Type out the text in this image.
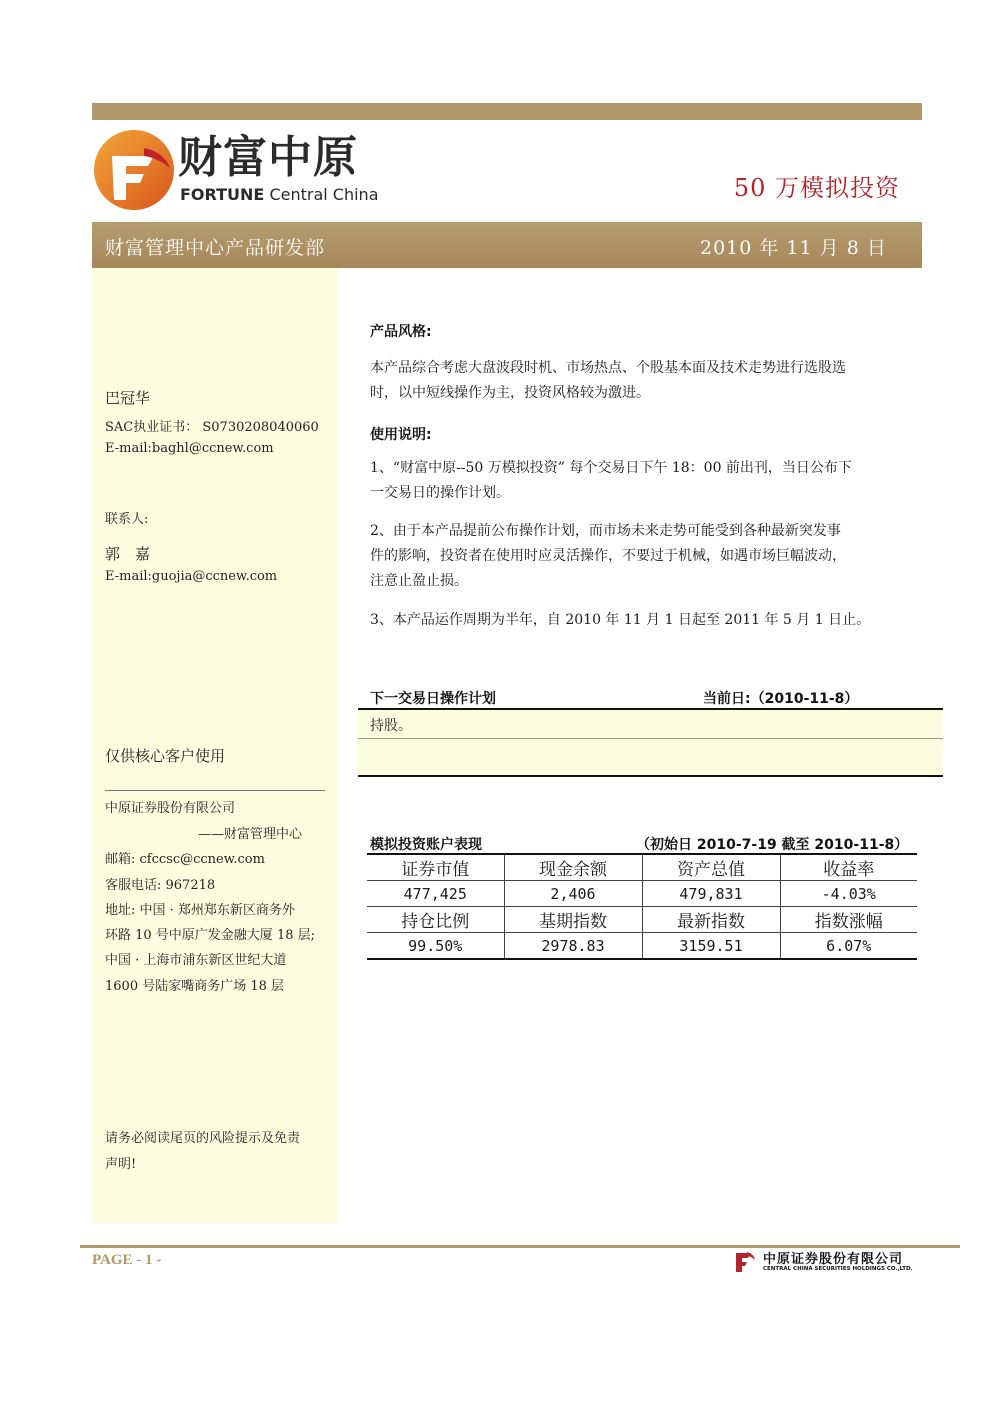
财富中原
FORTUNE Central China	50 万模拟投资
财富管理中心产品研发部	2010 年 11 月 8 日
巴冠华
SAC执业证书： S0730208040060
E-mail:baghl@ccnew.com
联系人:
郭　嘉
E-mail:guojia@ccnew.com
仅供核心客户使用
中原证券股份有限公司
——财富管理中心
邮箱: cfccsc@ccnew.com
客服电话: 967218
地址: 中国 · 郑州郑东新区商务外
环路 10 号中原广发金融大厦 18 层;
中国 · 上海市浦东新区世纪大道
1600 号陆家嘴商务广场 18 层
请务必阅读尾页的风险提示及免责
声明!
产品风格:
本产品综合考虑大盘波段时机、市场热点、个股基本面及技术走势进行选股选
时，以中短线操作为主，投资风格较为激进。
使用说明:
1、“财富中原--50 万模拟投资” 每个交易日下午 18：00 前出刊，当日公布下
一交易日的操作计划。
2、由于本产品提前公布操作计划，而市场未来走势可能受到各种最新突发事
件的影响，投资者在使用时应灵活操作，不要过于机械，如遇市场巨幅波动，
注意止盈止损。
3、本产品运作周期为半年，自 2010 年 11 月 1 日起至 2011 年 5 月 1 日止。
下一交易日操作计划	当前日:（2010-11-8）
持股。
模拟投资账户表现	（初始日 2010-7-19 截至 2010-11-8）
证券市值	现金余额	资产总值	收益率
477,425	2,406	479,831	-4.03%
持仓比例	基期指数	最新指数	指数涨幅
99.50%	2978.83	3159.51	6.07%
PAGE - 1 -	中原证券股份有限公司
CENTRAL CHINA SECURITIES HOLDINGS CO.,LTD.
